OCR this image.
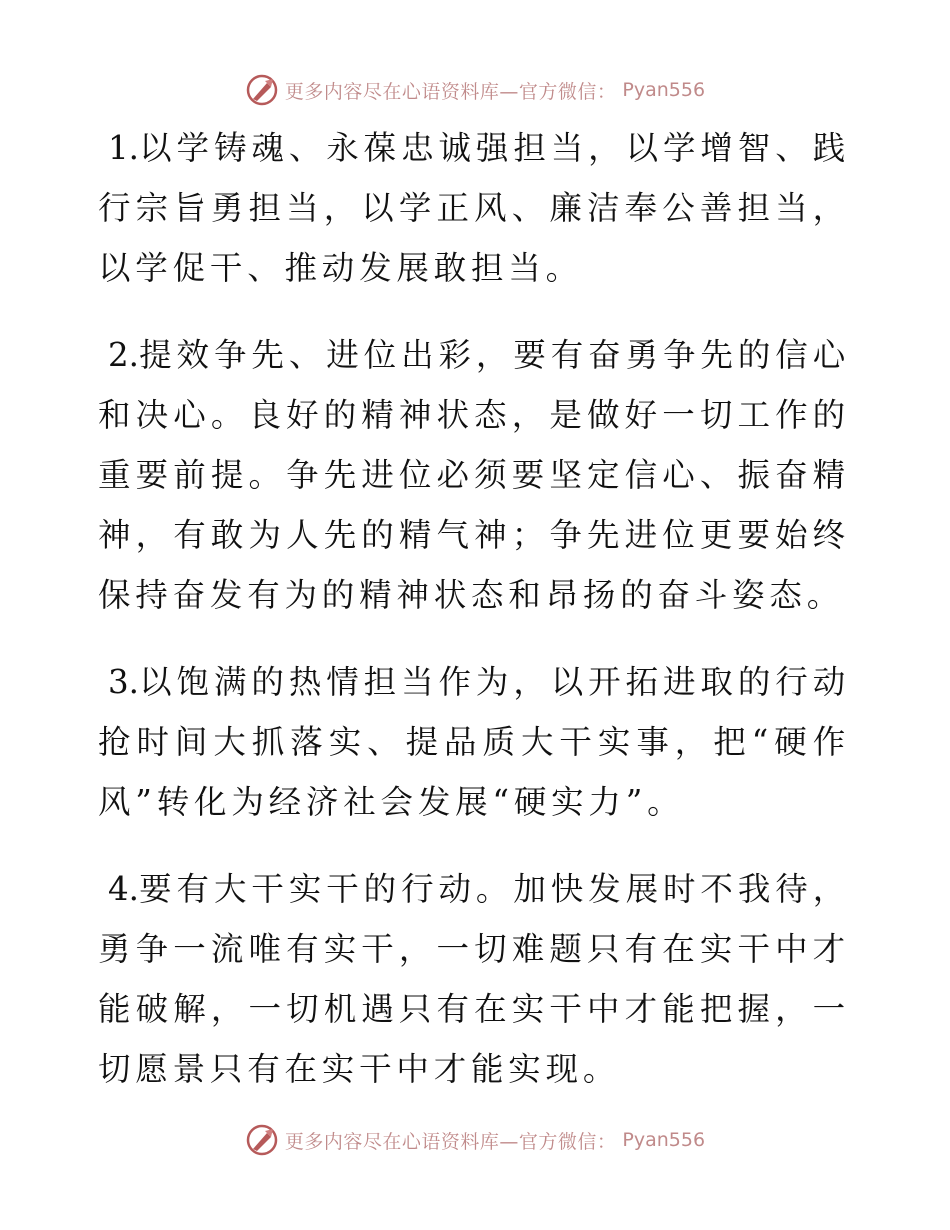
更多内容尽在心语资料库—官方微信： Pyan556

1.以学铸魂、永葆忠诚强担当，以学增智、践行宗旨勇担当，以学正风、廉洁奉公善担当，以学促干、推动发展敢担当。

2.提效争先、进位出彩，要有奋勇争先的信心和决心。良好的精神状态，是做好一切工作的重要前提。争先进位必须要坚定信心、振奋精神，有敢为人先的精气神；争先进位更要始终保持奋发有为的精神状态和昂扬的奋斗姿态。

3.以饱满的热情担当作为，以开拓进取的行动抢时间大抓落实、提品质大干实事，把“硬作风”转化为经济社会发展“硬实力”。

4.要有大干实干的行动。加快发展时不我待，勇争一流唯有实干，一切难题只有在实干中才能破解，一切机遇只有在实干中才能把握，一切愿景只有在实干中才能实现。

更多内容尽在心语资料库—官方微信： Pyan556
